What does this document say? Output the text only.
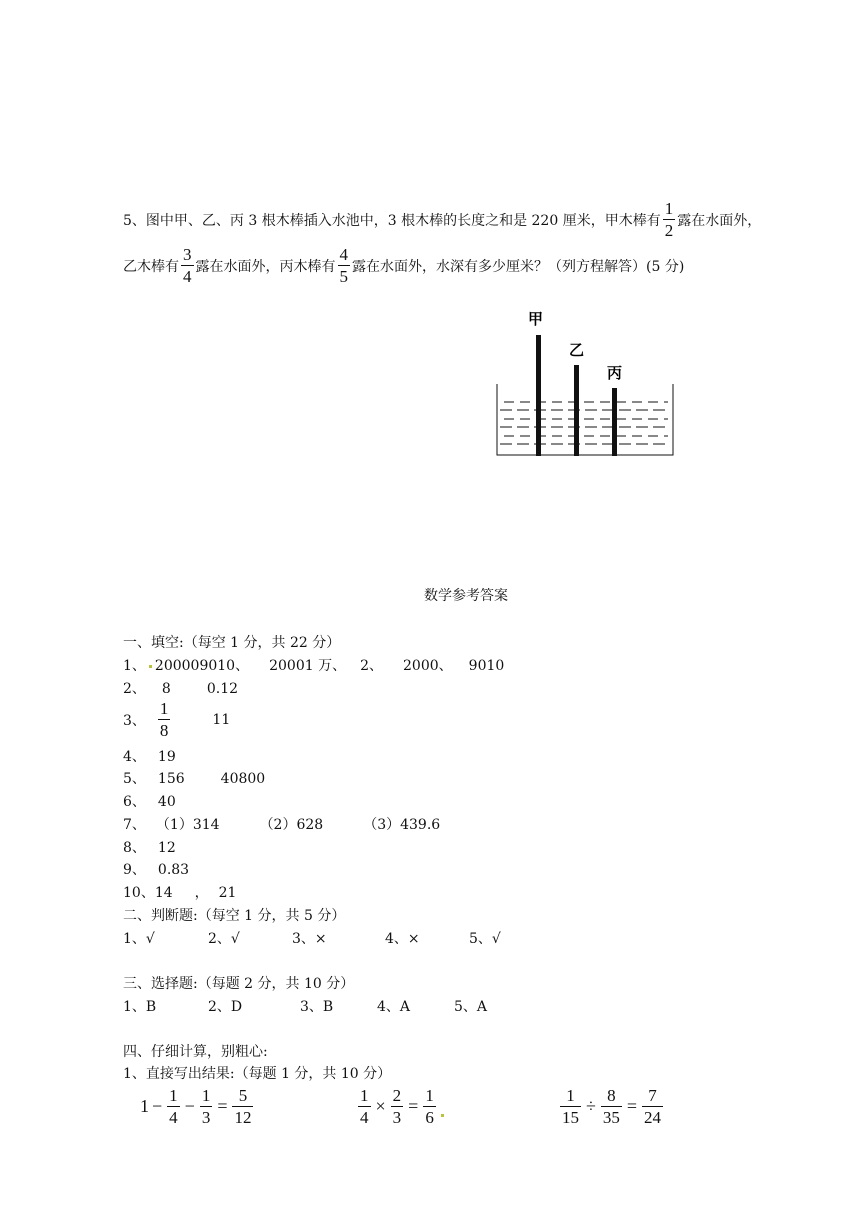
5、图中甲、乙、丙 3 根木棒插入水池中，3 根木棒的长度之和是 220 厘米，甲木棒有 $\frac{1}{2}$ 露在水面外，
乙木棒有 $\frac{3}{4}$ 露在水面外，丙木棒有 $\frac{4}{5}$ 露在水面外，水深有多少厘米？（列方程解答）(5 分)
甲
乙
丙
数学参考答案
一、填空:（每空 1 分，共 22 分）
1、 200009010、 20001 万、 2、 2000、 9010
2、 8	0.12
3、 $\frac{1}{8}$	11
4、 19
5、 156	40800
6、 40
7、 （1）314	（2）628	（3）439.6
8、 12
9、 0.83
10、14 ， 21
二、判断题:（每空 1 分，共 5 分）
1、√	2、√	3、×	4、×	5、√
三、选择题:（每题 2 分，共 10 分）
1、B	2、D	3、B	4、A	5、A
四、仔细计算，别粗心:
1、直接写出结果:（每题 1 分，共 10 分）
$1 - \frac{1}{4} - \frac{1}{3} = \frac{5}{12}$	$\frac{1}{4} \times \frac{2}{3} = \frac{1}{6}$	$\frac{1}{15} \div \frac{8}{35} = \frac{7}{24}$
